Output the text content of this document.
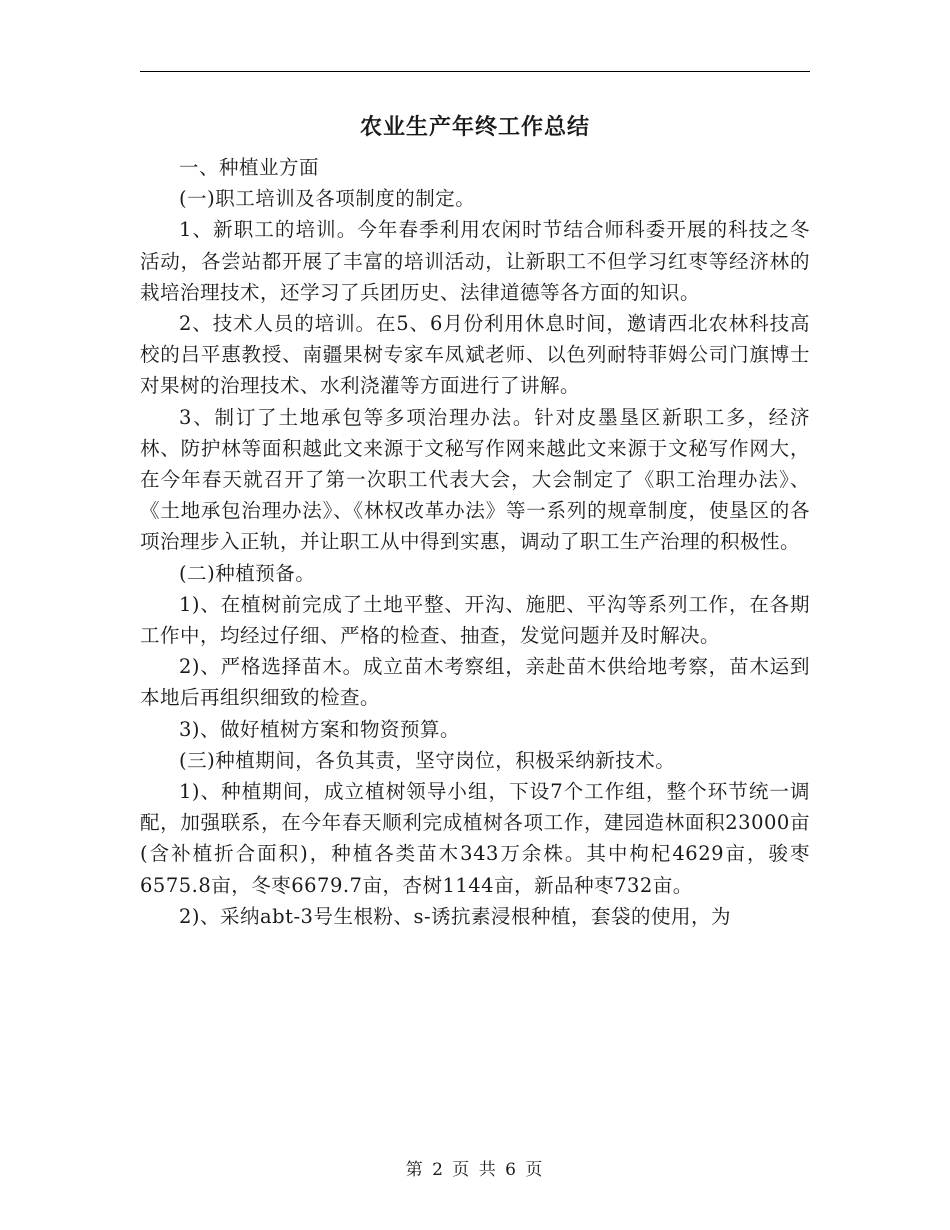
农业生产年终工作总结

一、种植业方面

(一)职工培训及各项制度的制定。

1、新职工的培训。今年春季利用农闲时节结合师科委开展的科技之冬活动，各尝站都开展了丰富的培训活动，让新职工不但学习红枣等经济林的栽培治理技术，还学习了兵团历史、法律道德等各方面的知识。

2、技术人员的培训。在5、6月份利用休息时间，邀请西北农林科技高校的吕平惠教授、南疆果树专家车凤斌老师、以色列耐特菲姆公司门旗博士对果树的治理技术、水利浇灌等方面进行了讲解。

3、制订了土地承包等多项治理办法。针对皮墨垦区新职工多，经济林、防护林等面积越此文来源于文秘写作网来越此文来源于文秘写作网大，在今年春天就召开了第一次职工代表大会，大会制定了《职工治理办法》、《土地承包治理办法》、《林权改革办法》等一系列的规章制度，使垦区的各项治理步入正轨，并让职工从中得到实惠，调动了职工生产治理的积极性。

(二)种植预备。

1)、在植树前完成了土地平整、开沟、施肥、平沟等系列工作，在各期工作中，均经过仔细、严格的检查、抽查，发觉问题并及时解决。

2)、严格选择苗木。成立苗木考察组，亲赴苗木供给地考察，苗木运到本地后再组织细致的检查。

3)、做好植树方案和物资预算。

(三)种植期间，各负其责，坚守岗位，积极采纳新技术。

1)、种植期间，成立植树领导小组，下设7个工作组，整个环节统一调配，加强联系，在今年春天顺利完成植树各项工作，建园造林面积23000亩(含补植折合面积)，种植各类苗木343万余株。其中枸杞4629亩，骏枣6575.8亩，冬枣6679.7亩，杏树1144亩，新品种枣732亩。

2)、采纳abt-3号生根粉、s-诱抗素浸根种植，套袋的使用，为

第 2 页 共 6 页
